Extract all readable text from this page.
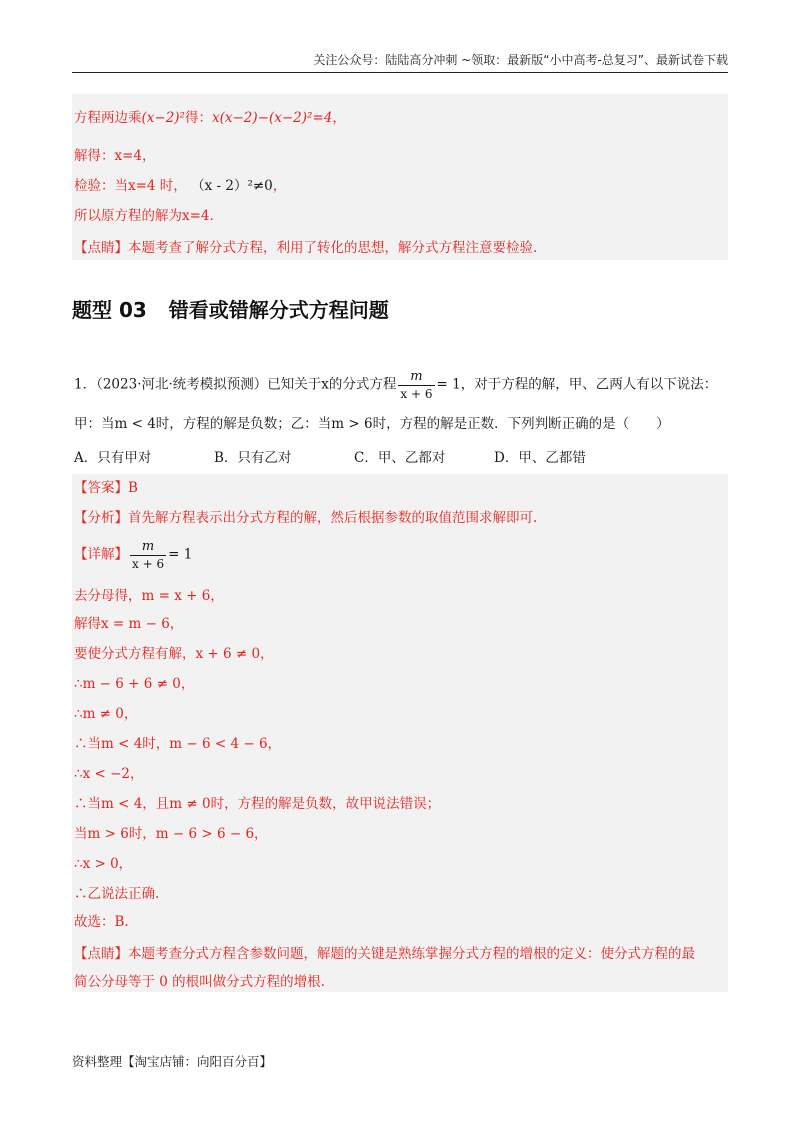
关注公众号：陆陆高分冲刺 ~领取：最新版“小中高考-总复习”、最新试卷下载
方程两边乘(x−2)²得：x(x−2)−(x−2)²=4，
解得：x=4，
检验：当x=4 时， （x - 2）²≠0，
所以原方程的解为x=4.
【点睛】本题考查了解分式方程，利用了转化的思想，解分式方程注意要检验.
题型 03 错看或错解分式方程问题
1．（2023·河北·统考模拟预测）已知关于x的分式方程 $\frac{m}{x + 6} = 1$，对于方程的解，甲、乙两人有以下说法：
甲：当m < 4时，方程的解是负数；乙：当m > 6时，方程的解是正数．下列判断正确的是（　　）
A．只有甲对	B．只有乙对	C．甲、乙都对	D．甲、乙都错
【答案】B
【分析】首先解方程表示出分式方程的解，然后根据参数的取值范围求解即可.
【详解】 $\frac{m}{x + 6} = 1$
去分母得，m = x + 6，
解得x = m − 6，
要使分式方程有解，x + 6 ≠ 0，
∴m − 6 + 6 ≠ 0，
∴m ≠ 0，
∴当m < 4时，m − 6 < 4 − 6，
∴x < −2，
∴当m < 4，且m ≠ 0时，方程的解是负数，故甲说法错误；
当m > 6时，m − 6 > 6 − 6，
∴x > 0，
∴乙说法正确.
故选：B.
【点睛】本题考查分式方程含参数问题，解题的关键是熟练掌握分式方程的增根的定义：使分式方程的最
简公分母等于 0 的根叫做分式方程的增根.
资料整理【淘宝店铺：向阳百分百】
